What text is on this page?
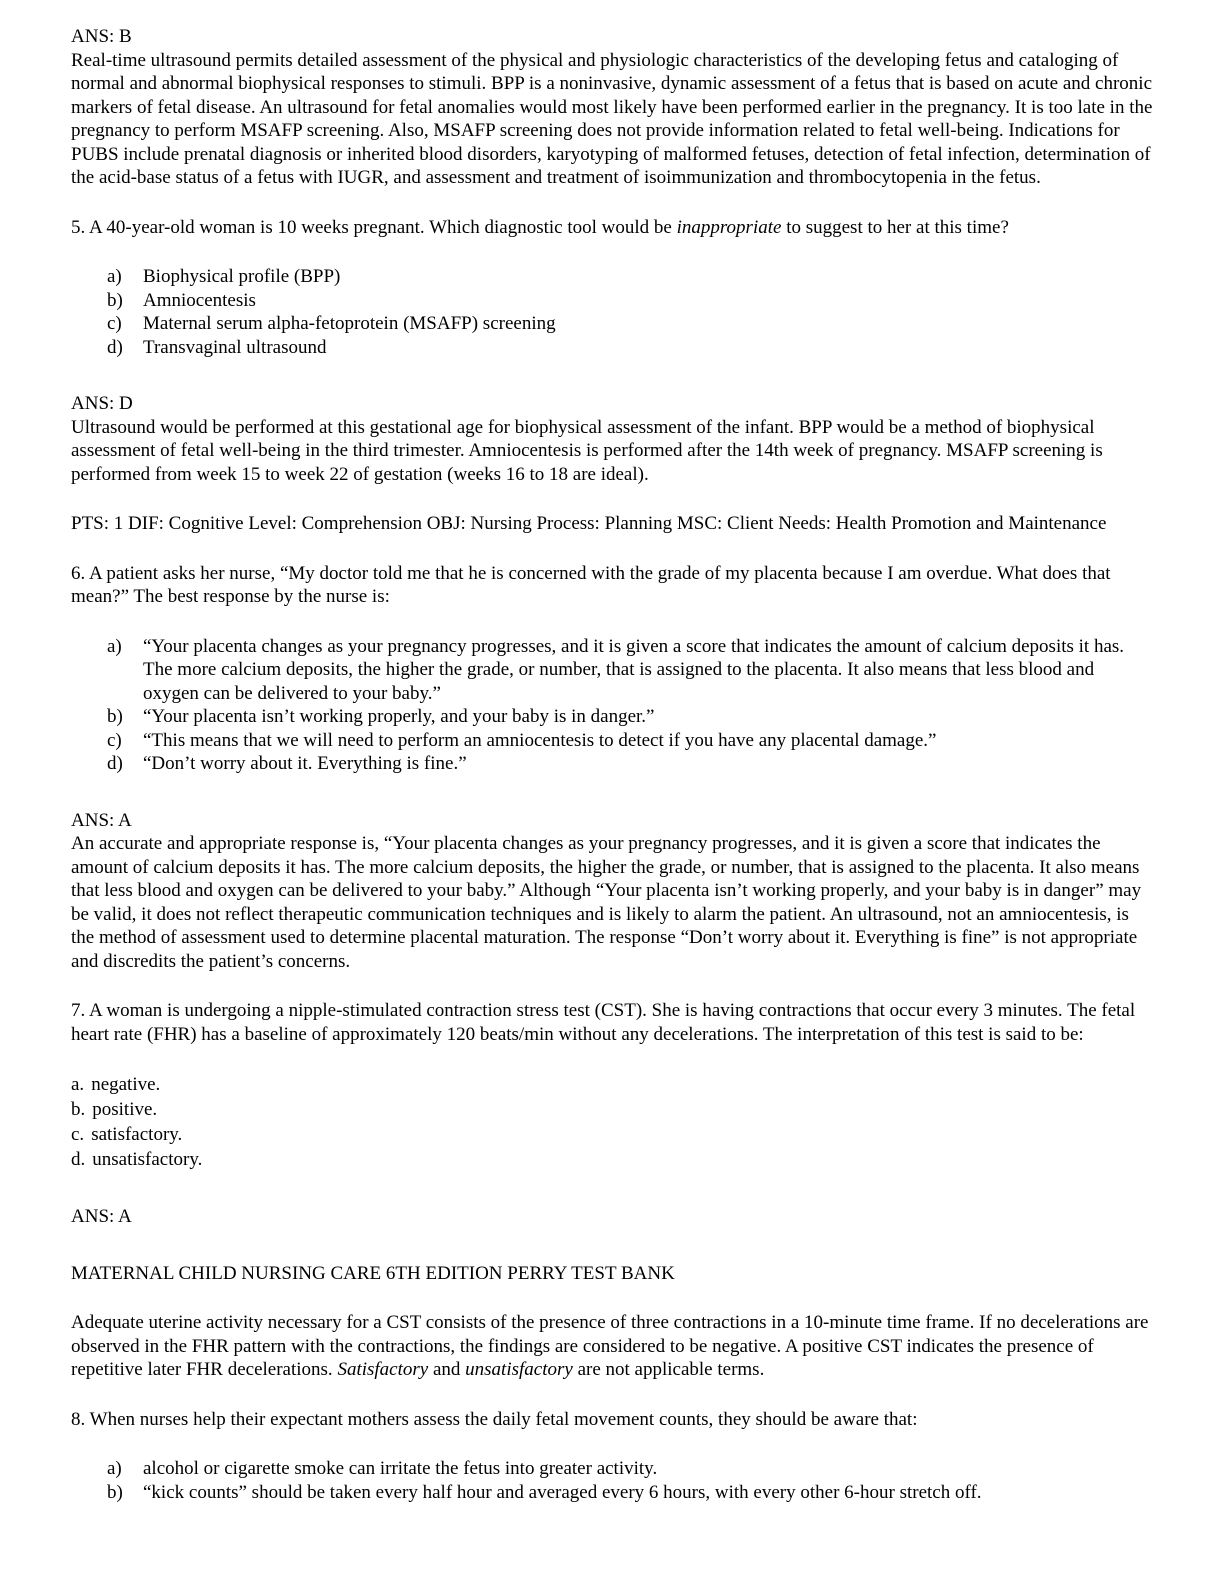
ANS: B

Real-time ultrasound permits detailed assessment of the physical and physiologic characteristics of the developing fetus and cataloging of normal and abnormal biophysical responses to stimuli. BPP is a noninvasive, dynamic assessment of a fetus that is based on acute and chronic markers of fetal disease. An ultrasound for fetal anomalies would most likely have been performed earlier in the pregnancy. It is too late in the pregnancy to perform MSAFP screening. Also, MSAFP screening does not provide information related to fetal well-being. Indications for PUBS include prenatal diagnosis or inherited blood disorders, karyotyping of malformed fetuses, detection of fetal infection, determination of the acid-base status of a fetus with IUGR, and assessment and treatment of isoimmunization and thrombocytopenia in the fetus.

5. A 40-year-old woman is 10 weeks pregnant. Which diagnostic tool would be inappropriate to suggest to her at this time?

a)	Biophysical profile (BPP)
b)	Amniocentesis
c)	Maternal serum alpha-fetoprotein (MSAFP) screening
d)	Transvaginal ultrasound

ANS: D

Ultrasound would be performed at this gestational age for biophysical assessment of the infant. BPP would be a method of biophysical assessment of fetal well-being in the third trimester. Amniocentesis is performed after the 14th week of pregnancy. MSAFP screening is performed from week 15 to week 22 of gestation (weeks 16 to 18 are ideal).

PTS: 1 DIF: Cognitive Level: Comprehension OBJ: Nursing Process: Planning MSC: Client Needs: Health Promotion and Maintenance

6. A patient asks her nurse, “My doctor told me that he is concerned with the grade of my placenta because I am overdue. What does that mean?” The best response by the nurse is:

a)	“Your placenta changes as your pregnancy progresses, and it is given a score that indicates the amount of calcium deposits it has. The more calcium deposits, the higher the grade, or number, that is assigned to the placenta. It also means that less blood and oxygen can be delivered to your baby.”
b)	“Your placenta isn’t working properly, and your baby is in danger.”
c)	“This means that we will need to perform an amniocentesis to detect if you have any placental damage.”
d)	“Don’t worry about it. Everything is fine.”

ANS: A

An accurate and appropriate response is, “Your placenta changes as your pregnancy progresses, and it is given a score that indicates the amount of calcium deposits it has. The more calcium deposits, the higher the grade, or number, that is assigned to the placenta. It also means that less blood and oxygen can be delivered to your baby.” Although “Your placenta isn’t working properly, and your baby is in danger” may be valid, it does not reflect therapeutic communication techniques and is likely to alarm the patient. An ultrasound, not an amniocentesis, is the method of assessment used to determine placental maturation. The response “Don’t worry about it. Everything is fine” is not appropriate and discredits the patient’s concerns.

7. A woman is undergoing a nipple-stimulated contraction stress test (CST). She is having contractions that occur every 3 minutes. The fetal heart rate (FHR) has a baseline of approximately 120 beats/min without any decelerations. The interpretation of this test is said to be:

a. negative.
b. positive.
c. satisfactory.
d. unsatisfactory.

ANS: A

MATERNAL CHILD NURSING CARE 6TH EDITION PERRY TEST BANK

Adequate uterine activity necessary for a CST consists of the presence of three contractions in a 10-minute time frame. If no decelerations are observed in the FHR pattern with the contractions, the findings are considered to be negative. A positive CST indicates the presence of repetitive later FHR decelerations. Satisfactory and unsatisfactory are not applicable terms.

8. When nurses help their expectant mothers assess the daily fetal movement counts, they should be aware that:

a)	alcohol or cigarette smoke can irritate the fetus into greater activity.
b)	“kick counts” should be taken every half hour and averaged every 6 hours, with every other 6-hour stretch off.
